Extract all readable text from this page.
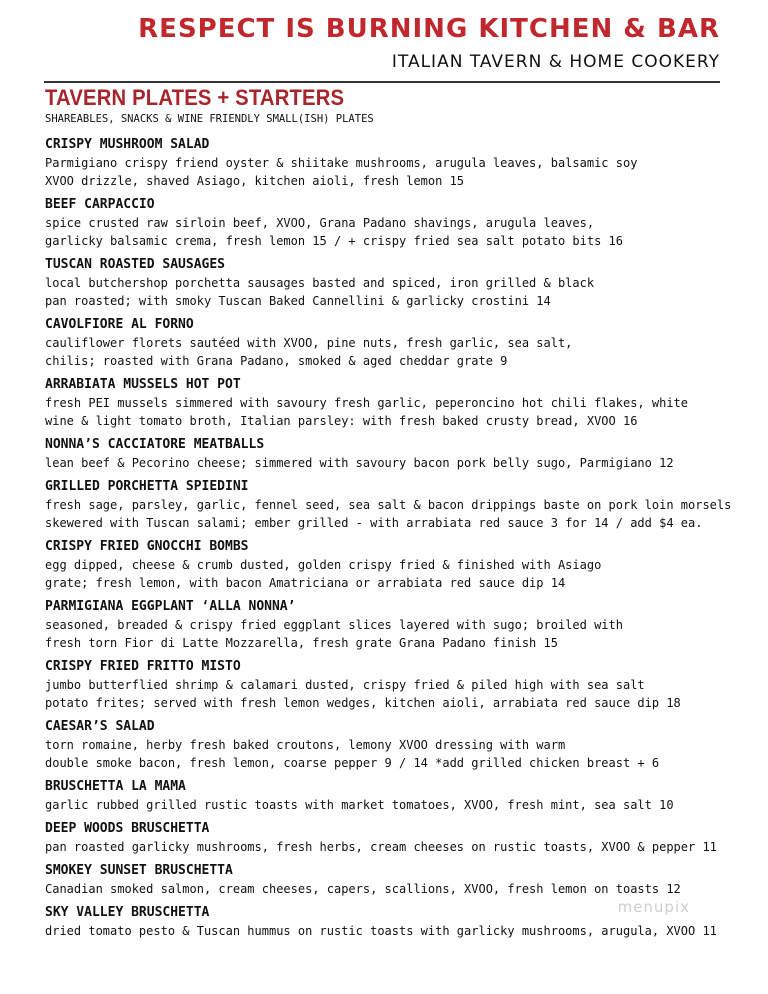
RESPECT IS BURNING KITCHEN & BAR
ITALIAN TAVERN & HOME COOKERY
TAVERN PLATES + STARTERS
SHAREABLES, SNACKS & WINE FRIENDLY SMALL(ISH) PLATES
CRISPY MUSHROOM SALAD
Parmigiano crispy friend oyster & shiitake mushrooms, arugula leaves, balsamic soy
XVOO drizzle, shaved Asiago, kitchen aioli, fresh lemon 15
BEEF CARPACCIO
spice crusted raw sirloin beef, XVOO, Grana Padano shavings, arugula leaves,
garlicky balsamic crema, fresh lemon 15 / + crispy fried sea salt potato bits 16
TUSCAN ROASTED SAUSAGES
local butchershop porchetta sausages basted and spiced, iron grilled & black
pan roasted; with smoky Tuscan Baked Cannellini & garlicky crostini 14
CAVOLFIORE AL FORNO
cauliflower florets sautéed with XVOO, pine nuts, fresh garlic, sea salt,
chilis; roasted with Grana Padano, smoked & aged cheddar grate 9
ARRABIATA MUSSELS HOT POT
fresh PEI mussels simmered with savoury fresh garlic, peperoncino hot chili flakes, white
wine & light tomato broth, Italian parsley: with fresh baked crusty bread, XVOO 16
NONNA’S CACCIATORE MEATBALLS
lean beef & Pecorino cheese; simmered with savoury bacon pork belly sugo, Parmigiano 12
GRILLED PORCHETTA SPIEDINI
fresh sage, parsley, garlic, fennel seed, sea salt & bacon drippings baste on pork loin morsels
skewered with Tuscan salami; ember grilled - with arrabiata red sauce 3 for 14 / add $4 ea.
CRISPY FRIED GNOCCHI BOMBS
egg dipped, cheese & crumb dusted, golden crispy fried & finished with Asiago
grate; fresh lemon, with bacon Amatriciana or arrabiata red sauce dip 14
PARMIGIANA EGGPLANT ‘ALLA NONNA’
seasoned, breaded & crispy fried eggplant slices layered with sugo; broiled with
fresh torn Fior di Latte Mozzarella, fresh grate Grana Padano finish 15
CRISPY FRIED FRITTO MISTO
jumbo butterflied shrimp & calamari dusted, crispy fried & piled high with sea salt
potato frites; served with fresh lemon wedges, kitchen aioli, arrabiata red sauce dip 18
CAESAR’S SALAD
torn romaine, herby fresh baked croutons, lemony XVOO dressing with warm
double smoke bacon, fresh lemon, coarse pepper 9 / 14 *add grilled chicken breast + 6
BRUSCHETTA LA MAMA
garlic rubbed grilled rustic toasts with market tomatoes, XVOO, fresh mint, sea salt 10
DEEP WOODS BRUSCHETTA
pan roasted garlicky mushrooms, fresh herbs, cream cheeses on rustic toasts, XVOO & pepper 11
SMOKEY SUNSET BRUSCHETTA
Canadian smoked salmon, cream cheeses, capers, scallions, XVOO, fresh lemon on toasts 12
SKY VALLEY BRUSCHETTA
dried tomato pesto & Tuscan hummus on rustic toasts with garlicky mushrooms, arugula, XVOO 11
menupix
